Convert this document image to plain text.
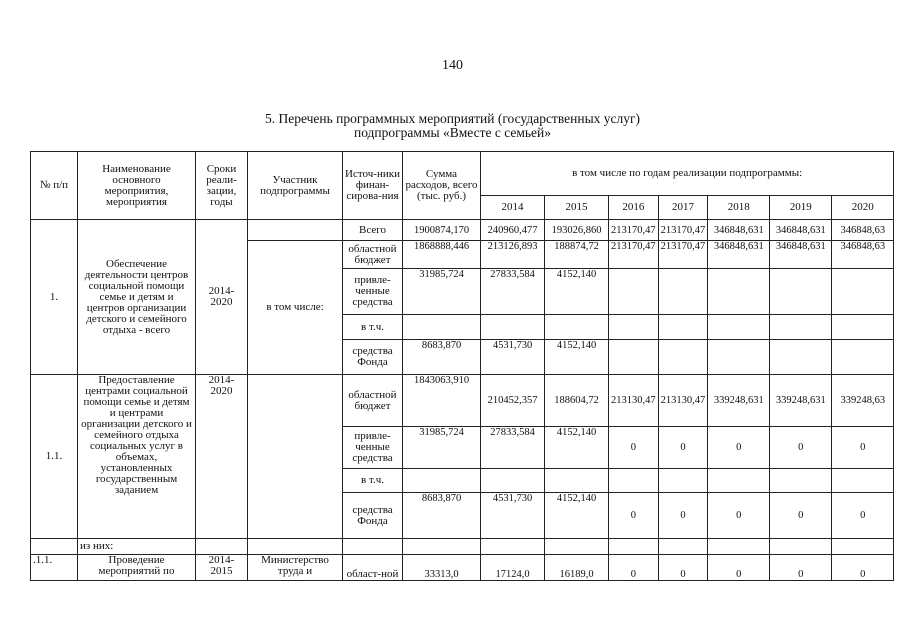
140
5. Перечень программных мероприятий (государственных услуг)
подпрограммы «Вместе с семьей»
№ п/п	Наименование основного мероприятия, мероприятия	Сроки реали-зации, годы	Участник подпрограммы	Источ-ники финан-сирова-ния	Сумма расходов, всего (тыс. руб.)	в том числе по годам реализации подпрограммы:						
						2014	2015	2016	2017	2018	2019	2020
1.	Обеспечение деятельности центров социальной помощи семье и детям и центров организации детского и семейного отдыха - всего	2014-2020		Всего	1900874,170	240960,477	193026,860	213170,47	213170,47	346848,631	346848,631	346848,63
			в том числе:	областной бюджет	1868888,446	213126,893	188874,72	213170,47	213170,47	346848,631	346848,631	346848,63
				привле-ченные средства	31985,724	27833,584	4152,140					
				в т.ч.								
				средства Фонда	8683,870	4531,730	4152,140					
1.1.	Предоставление центрами социальной помощи семье и детям и центрами организации детского и семейного отдыха социальных услуг в объемах, установленных государственным заданием	2014-2020		областной бюджет	1843063,910	210452,357	188604,72	213130,47	213130,47	339248,631	339248,631	339248,63
				привле-ченные средства	31985,724	27833,584	4152,140	0	0	0	0	0
				в т.ч.								
				средства Фонда	8683,870	4531,730	4152,140	0	0	0	0	0
	из них:											
.1.1.	Проведение мероприятий по	2014-2015	Министерство труда и	област-ной	33313,0	17124,0	16189,0	0	0	0	0	0
